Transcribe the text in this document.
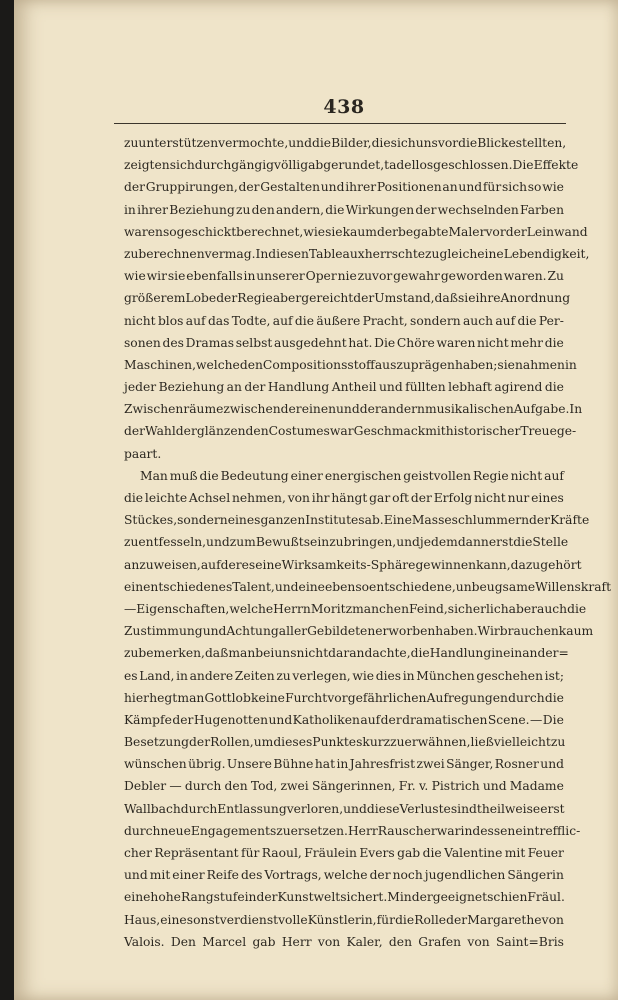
438
zu unterstützen vermochte, und die Bilder, die sich uns vor die Blicke stellten,
zeigten sich durchgängig völlig abgerundet, tadellos geschlossen. Die Effekte
der Gruppirungen, der Gestalten und ihrer Positionen an und für sich so wie
in ihrer Beziehung zu den andern, die Wirkungen der wechselnden Farben
waren so geschickt berechnet, wie sie kaum der begabte Maler vor der Leinwand
zu berechnen vermag. In diesen Tableaux herrschte zugleich eine Lebendigkeit,
wie wir sie ebenfalls in unserer Oper nie zuvor gewahr geworden waren. Zu
größerem Lobe der Regie aber gereicht der Umstand, daß sie ihre Anordnung
nicht blos auf das Todte, auf die äußere Pracht, sondern auch auf die Per-
sonen des Dramas selbst ausgedehnt hat. Die Chöre waren nicht mehr die
Maschinen, welche den Compositionsstoff auszuprägen haben; sie nahmen in
jeder Beziehung an der Handlung Antheil und füllten lebhaft agirend die
Zwischenräume zwischen der einen und der andern musikalischen Aufgabe. In
der Wahl der glänzenden Costumes war Geschmack mit historischer Treue ge-
paart.
Man muß die Bedeutung einer energischen geistvollen Regie nicht auf
die leichte Achsel nehmen, von ihr hängt gar oft der Erfolg nicht nur eines
Stückes, sondern eines ganzen Institutes ab. Eine Masse schlummernder Kräfte
zu entfesseln, und zum Bewußtsein zu bringen, und jedem dann erst die Stelle
anzuweisen, auf der es eine Wirksamkeits-Sphäre gewinnen kann, dazu gehört
ein entschiedenes Talent, und eine eben so entschiedene, unbeugsame Willenskraft
— Eigenschaften, welche Herrn Moritz manchen Feind, sicherlich aber auch die
Zustimmung und Achtung aller Gebildeten erworben haben. Wir brauchen kaum
zu bemerken, daß man bei uns nicht daran dachte, die Handlung in ein ander=
es Land, in andere Zeiten zu verlegen, wie dies in München geschehen ist;
hier hegt man Gottlob keine Furcht vor gefährlichen Aufregungen durch die
Kämpfe der Hugenotten und Katholiken auf der dramatischen Scene. — Die
Besetzung der Rollen, um dieses Punktes kurz zu erwähnen, ließ vielleicht zu
wünschen übrig. Unsere Bühne hat in Jahresfrist zwei Sänger, Rosner und
Debler — durch den Tod, zwei Sängerinnen, Fr. v. Pistrich und Madame
Wallbach durch Entlassung verloren, und diese Verluste sind theilweise erst
durch neue Engagements zu ersetzen. Herr Rauscher war indessen ein trefflic-
cher Repräsentant für Raoul, Fräulein Evers gab die Valentine mit Feuer
und mit einer Reife des Vortrags, welche der noch jugendlichen Sängerin
eine hohe Rangstufe in der Kunstwelt sichert. Minder geeignet schien Fräul.
Haus, eine sonst verdienstvolle Künstlerin, für die Rolle der Margarethe von
Valois. Den Marcel gab Herr von Kaler, den Grafen von Saint=Bris
